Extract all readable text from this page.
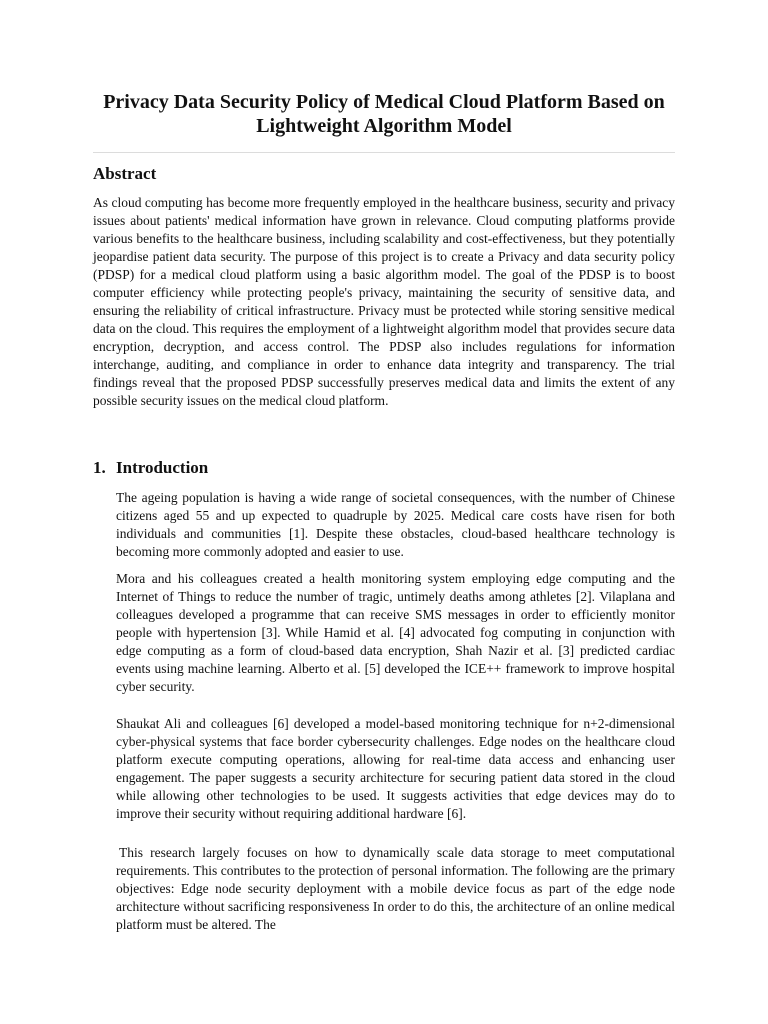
Privacy Data Security Policy of Medical Cloud Platform Based on Lightweight Algorithm Model
Abstract

As cloud computing has become more frequently employed in the healthcare business, security and privacy issues about patients' medical information have grown in relevance. Cloud computing platforms provide various benefits to the healthcare business, including scalability and cost-effectiveness, but they potentially jeopardise patient data security. The purpose of this project is to create a Privacy and data security policy (PDSP) for a medical cloud platform using a basic algorithm model. The goal of the PDSP is to boost computer efficiency while protecting people's privacy, maintaining the security of sensitive data, and ensuring the reliability of critical infrastructure. Privacy must be protected while storing sensitive medical data on the cloud. This requires the employment of a lightweight algorithm model that provides secure data encryption, decryption, and access control. The PDSP also includes regulations for information interchange, auditing, and compliance in order to enhance data integrity and transparency. The trial findings reveal that the proposed PDSP successfully preserves medical data and limits the extent of any possible security issues on the medical cloud platform.

1. Introduction

The ageing population is having a wide range of societal consequences, with the number of Chinese citizens aged 55 and up expected to quadruple by 2025. Medical care costs have risen for both individuals and communities [1]. Despite these obstacles, cloud-based healthcare technology is becoming more commonly adopted and easier to use.

Mora and his colleagues created a health monitoring system employing edge computing and the Internet of Things to reduce the number of tragic, untimely deaths among athletes [2]. Vilaplana and colleagues developed a programme that can receive SMS messages in order to efficiently monitor people with hypertension [3]. While Hamid et al. [4] advocated fog computing in conjunction with edge computing as a form of cloud-based data encryption, Shah Nazir et al. [3] predicted cardiac events using machine learning. Alberto et al. [5] developed the ICE++ framework to improve hospital cyber security.

Shaukat Ali and colleagues [6] developed a model-based monitoring technique for n+2-dimensional cyber-physical systems that face border cybersecurity challenges. Edge nodes on the healthcare cloud platform execute computing operations, allowing for real-time data access and enhancing user engagement. The paper suggests a security architecture for securing patient data stored in the cloud while allowing other technologies to be used. It suggests activities that edge devices may do to improve their security without requiring additional hardware [6].

This research largely focuses on how to dynamically scale data storage to meet computational requirements. This contributes to the protection of personal information. The following are the primary objectives: Edge node security deployment with a mobile device focus as part of the edge node architecture without sacrificing responsiveness In order to do this, the architecture of an online medical platform must be altered. The
